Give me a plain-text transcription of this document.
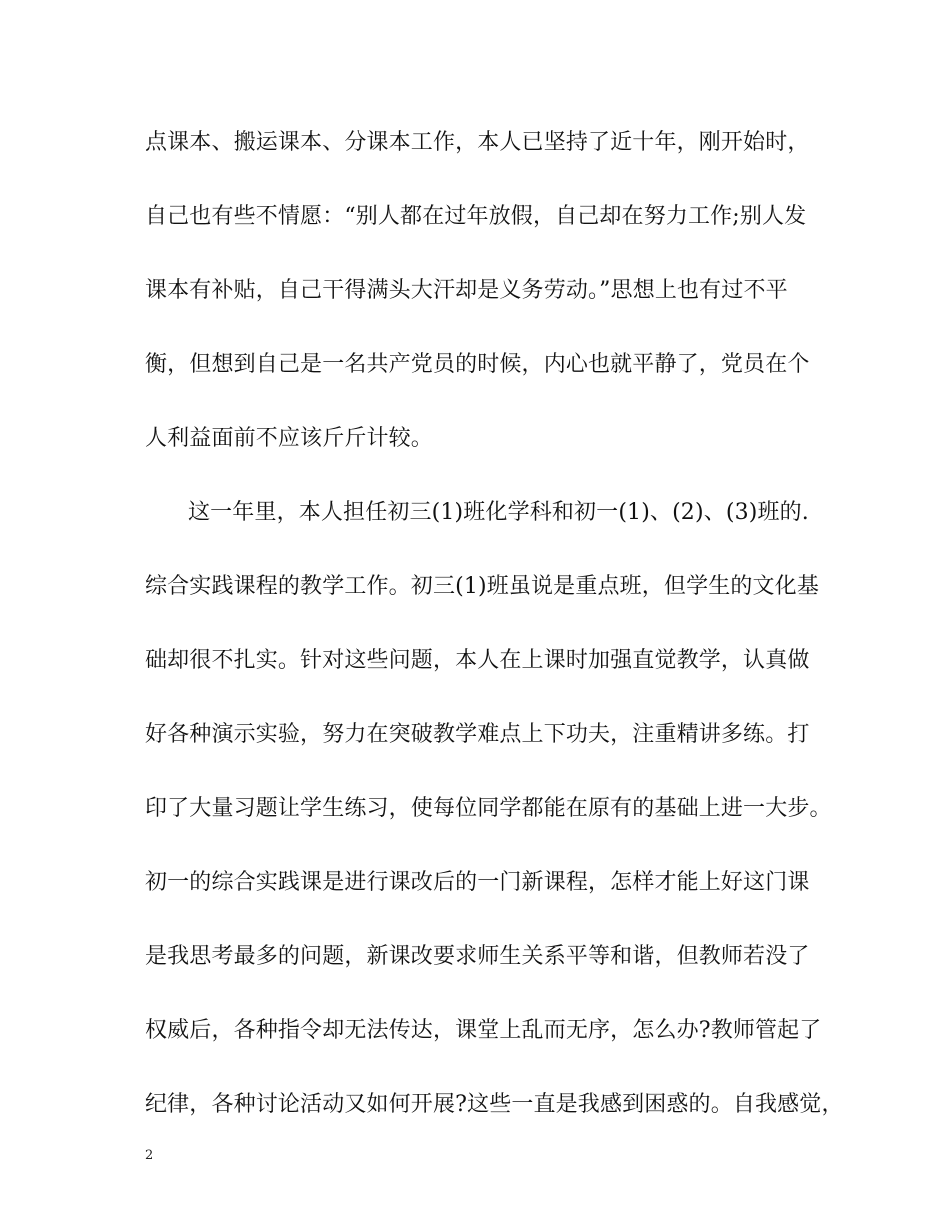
点课本、搬运课本、分课本工作，本人已坚持了近十年，刚开始时，
自己也有些不情愿：“别人都在过年放假，自己却在努力工作;别人发
课本有补贴，自己干得满头大汗却是义务劳动。”思想上也有过不平
衡，但想到自己是一名共产党员的时候，内心也就平静了，党员在个
人利益面前不应该斤斤计较。
这一年里，本人担任初三(1)班化学科和初一(1)、(2)、(3)班的.
综合实践课程的教学工作。初三(1)班虽说是重点班，但学生的文化基
础却很不扎实。针对这些问题，本人在上课时加强直觉教学，认真做
好各种演示实验，努力在突破教学难点上下功夫，注重精讲多练。打
印了大量习题让学生练习，使每位同学都能在原有的基础上进一大步。
初一的综合实践课是进行课改后的一门新课程，怎样才能上好这门课
是我思考最多的问题，新课改要求师生关系平等和谐，但教师若没了
权威后，各种指令却无法传达，课堂上乱而无序，怎么办?教师管起了
纪律，各种讨论活动又如何开展?这些一直是我感到困惑的。自我感觉，
2
